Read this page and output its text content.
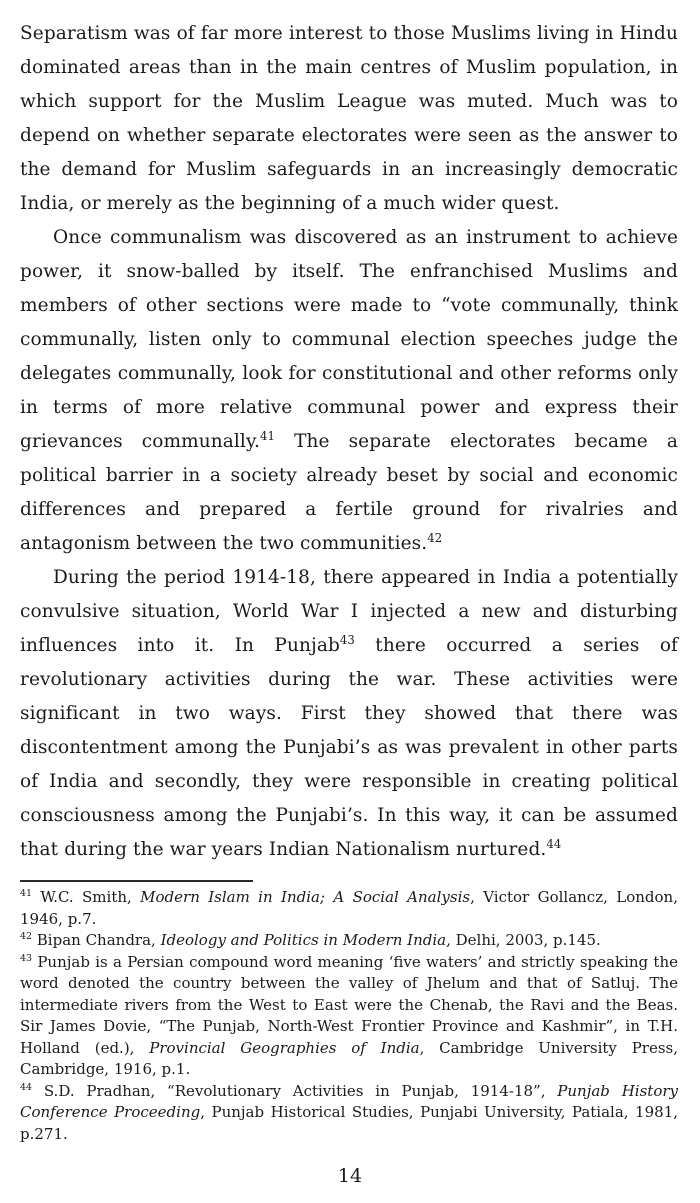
Separatism was of far more interest to those Muslims living in Hindu dominated areas than in the main centres of Muslim population, in which support for the Muslim League was muted. Much was to depend on whether separate electorates were seen as the answer to the demand for Muslim safeguards in an increasingly democratic India, or merely as the beginning of a much wider quest.

Once communalism was discovered as an instrument to achieve power, it snow-balled by itself. The enfranchised Muslims and members of other sections were made to “vote communally, think communally, listen only to communal election speeches judge the delegates communally, look for constitutional and other reforms only in terms of more relative communal power and express their grievances communally.$^{41}$ The separate electorates became a political barrier in a society already beset by social and economic differences and prepared a fertile ground for rivalries and antagonism between the two communities.$^{42}$

During the period 1914-18, there appeared in India a potentially convulsive situation, World War I injected a new and disturbing influences into it. In Punjab$^{43}$ there occurred a series of revolutionary activities during the war. These activities were significant in two ways. First they showed that there was discontentment among the Punjabi’s as was prevalent in other parts of India and secondly, they were responsible in creating political consciousness among the Punjabi’s. In this way, it can be assumed that during the war years Indian Nationalism nurtured.$^{44}$

$^{41}$ W.C. Smith, Modern Islam in India; A Social Analysis, Victor Gollancz, London, 1946, p.7.

$^{42}$ Bipan Chandra, Ideology and Politics in Modern India, Delhi, 2003, p.145.

$^{43}$ Punjab is a Persian compound word meaning ‘five waters’ and strictly speaking the word denoted the country between the valley of Jhelum and that of Satluj. The intermediate rivers from the West to East were the Chenab, the Ravi and the Beas. Sir James Dovie, “The Punjab, North-West Frontier Province and Kashmir”, in T.H. Holland (ed.), Provincial Geographies of India, Cambridge University Press, Cambridge, 1916, p.1.

$^{44}$ S.D. Pradhan, “Revolutionary Activities in Punjab, 1914-18”, Punjab History Conference Proceeding, Punjab Historical Studies, Punjabi University, Patiala, 1981, p.271.

14
